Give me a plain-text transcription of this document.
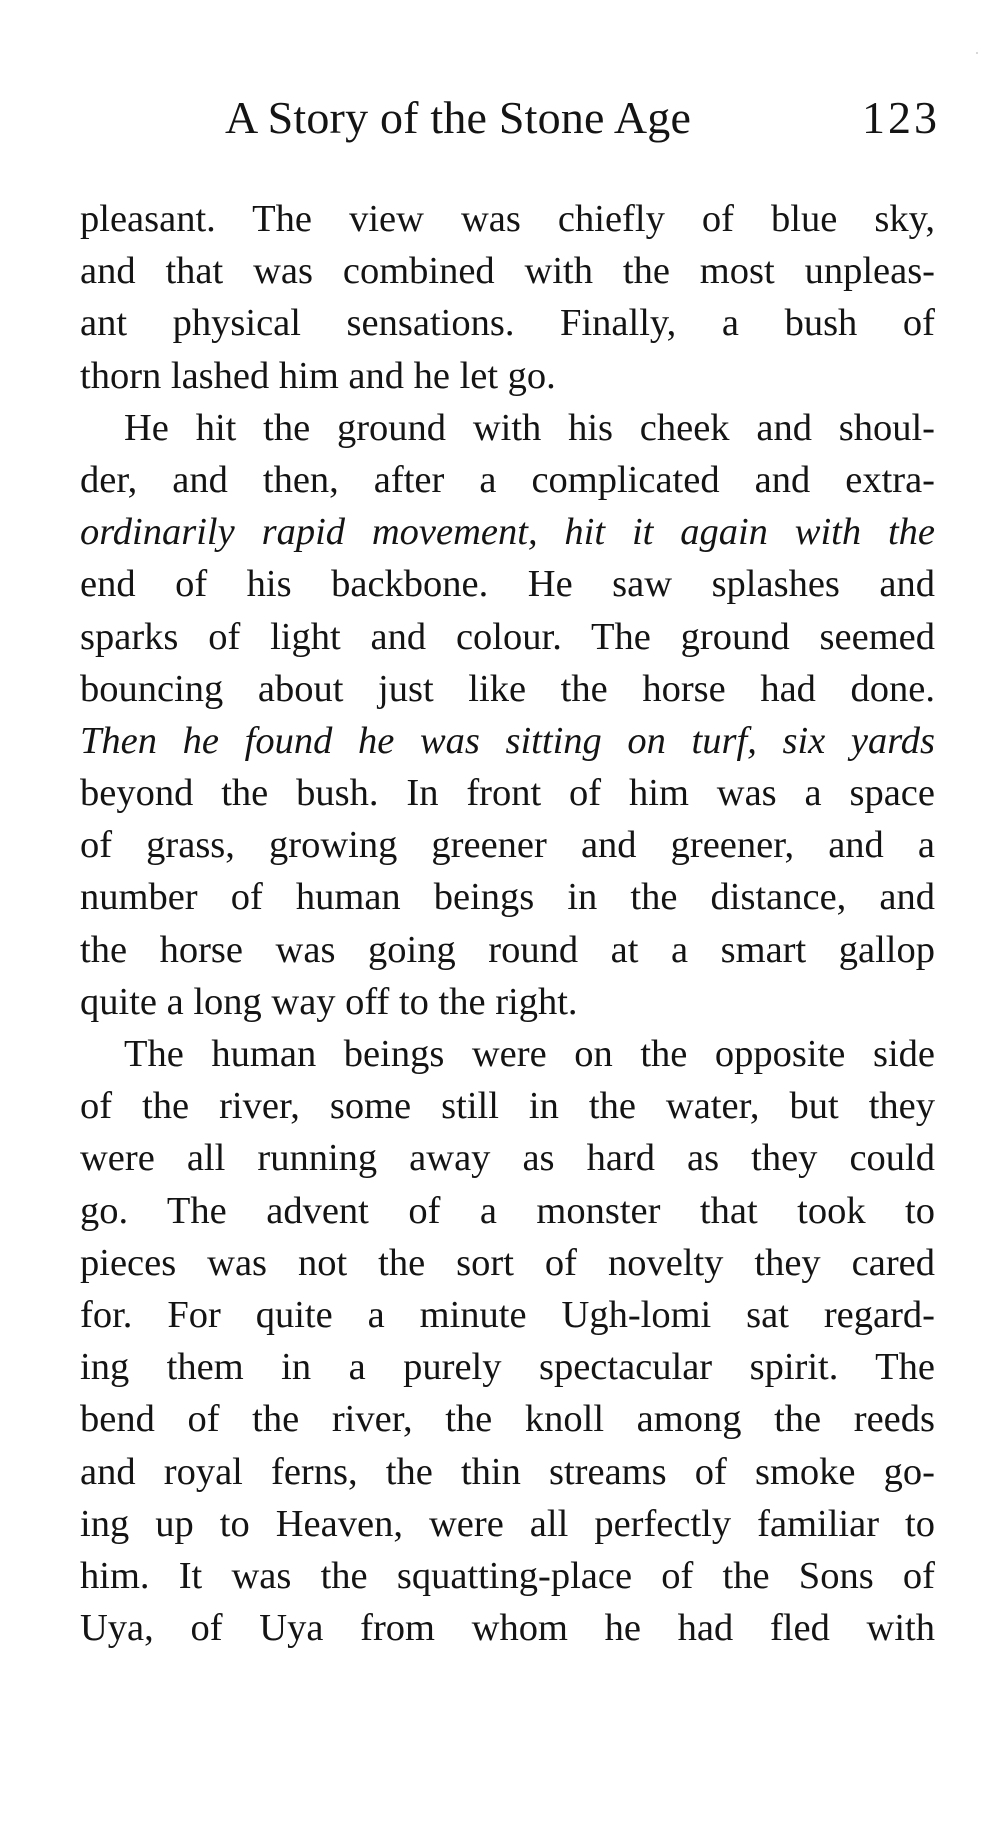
A Story of the Stone Age	123
pleasant. The view was chiefly of blue sky,
and that was combined with the most unpleas-
ant physical sensations. Finally, a bush of
thorn lashed him and he let go.
He hit the ground with his cheek and shoul-
der, and then, after a complicated and extra-
ordinarily rapid movement, hit it again with the
end of his backbone. He saw splashes and
sparks of light and colour. The ground seemed
bouncing about just like the horse had done.
Then he found he was sitting on turf, six yards
beyond the bush. In front of him was a space
of grass, growing greener and greener, and a
number of human beings in the distance, and
the horse was going round at a smart gallop
quite a long way off to the right.
The human beings were on the opposite side
of the river, some still in the water, but they
were all running away as hard as they could
go. The advent of a monster that took to
pieces was not the sort of novelty they cared
for. For quite a minute Ugh-lomi sat regard-
ing them in a purely spectacular spirit. The
bend of the river, the knoll among the reeds
and royal ferns, the thin streams of smoke go-
ing up to Heaven, were all perfectly familiar to
him. It was the squatting-place of the Sons of
Uya, of Uya from whom he had fled with
